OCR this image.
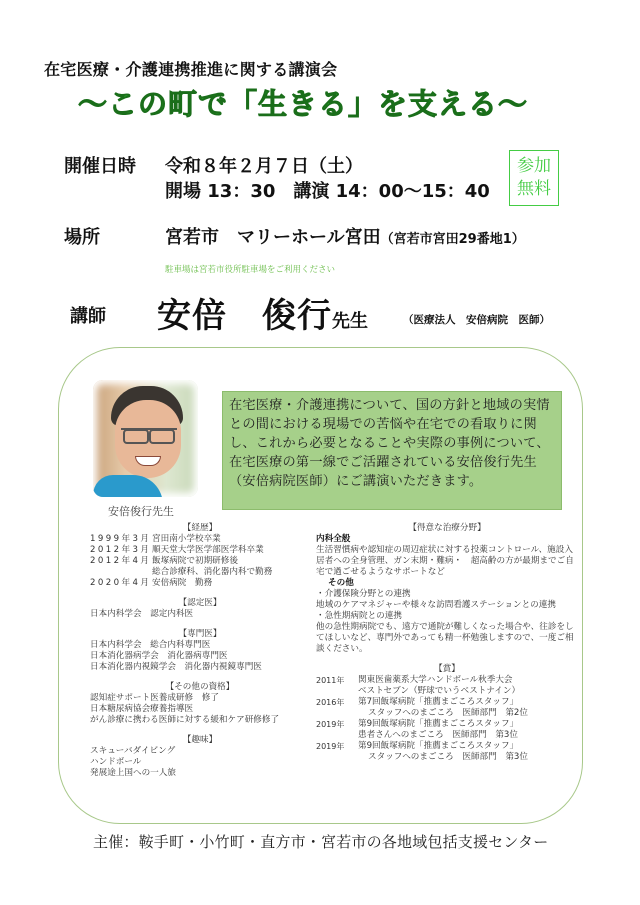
在宅医療・介護連携推進に関する講演会
～この町で「生きる」を支える～
開催日時 令和８年２月７日（土）
開場 13：30　講演 14：00～15：40
参加
無料
場所	宮若市　マリーホール宮田（宮若市宮田29番地1）
駐車場は宮若市役所駐車場をご利用ください
講師 安倍　俊行先生	（医療法人　安倍病院　医師）
安倍俊行先生
在宅医療・介護連携について、国の方針と地域の実情との間における現場での苦悩や在宅での看取りに関し、これから必要となることや実際の事例について、在宅医療の第一線でご活躍されている安倍俊行先生（安倍病院医師）にご講演いただきます。
【経歴】
1999年3月 宮田南小学校卒業
2012年3月 順天堂大学医学部医学科卒業
2012年4月 飯塚病院で初期研修後
総合診療科、消化器内科で勤務
2020年4月 安倍病院　勤務
【認定医】
日本内科学会　認定内科医
【専門医】
日本内科学会　総合内科専門医
日本消化器病学会　消化器病専門医
日本消化器内視鏡学会　消化器内視鏡専門医
【その他の資格】
認知症サポート医養成研修　修了
日本糖尿病協会療養指導医
がん診療に携わる医師に対する緩和ケア研修修了
【趣味】
スキューバダイビング
ハンドボール
発展途上国への一人旅
【得意な治療分野】
内科全般
生活習慣病や認知症の周辺症状に対する投薬コントロール、施設入居者への全身管理、ガン末期・難病・　超高齢の方が最期までご自宅で過ごせるようなサポートなど
その他
・介護保険分野との連携
地域のケアマネジャーや様々な訪問看護ステーションとの連携
・急性期病院との連携
他の急性期病院でも、遠方で通院が難しくなった場合や、往診をしてほしいなど、専門外であっても精一杯勉強しますので、一度ご相談ください。
【賞】
2011年	関東医歯薬系大学ハンドボール秋季大会
ベストセブン（野球でいうベストナイン）
2016年	第7回飯塚病院「推薦まごころスタッフ」
スタッフへのまごころ　医師部門　第2位
2019年	第9回飯塚病院「推薦まごころスタッフ」
患者さんへのまごころ　医師部門　第3位
2019年	第9回飯塚病院「推薦まごころスタッフ」
スタッフへのまごころ　医師部門　第3位
主催：鞍手町・小竹町・直方市・宮若市の各地域包括支援センター
